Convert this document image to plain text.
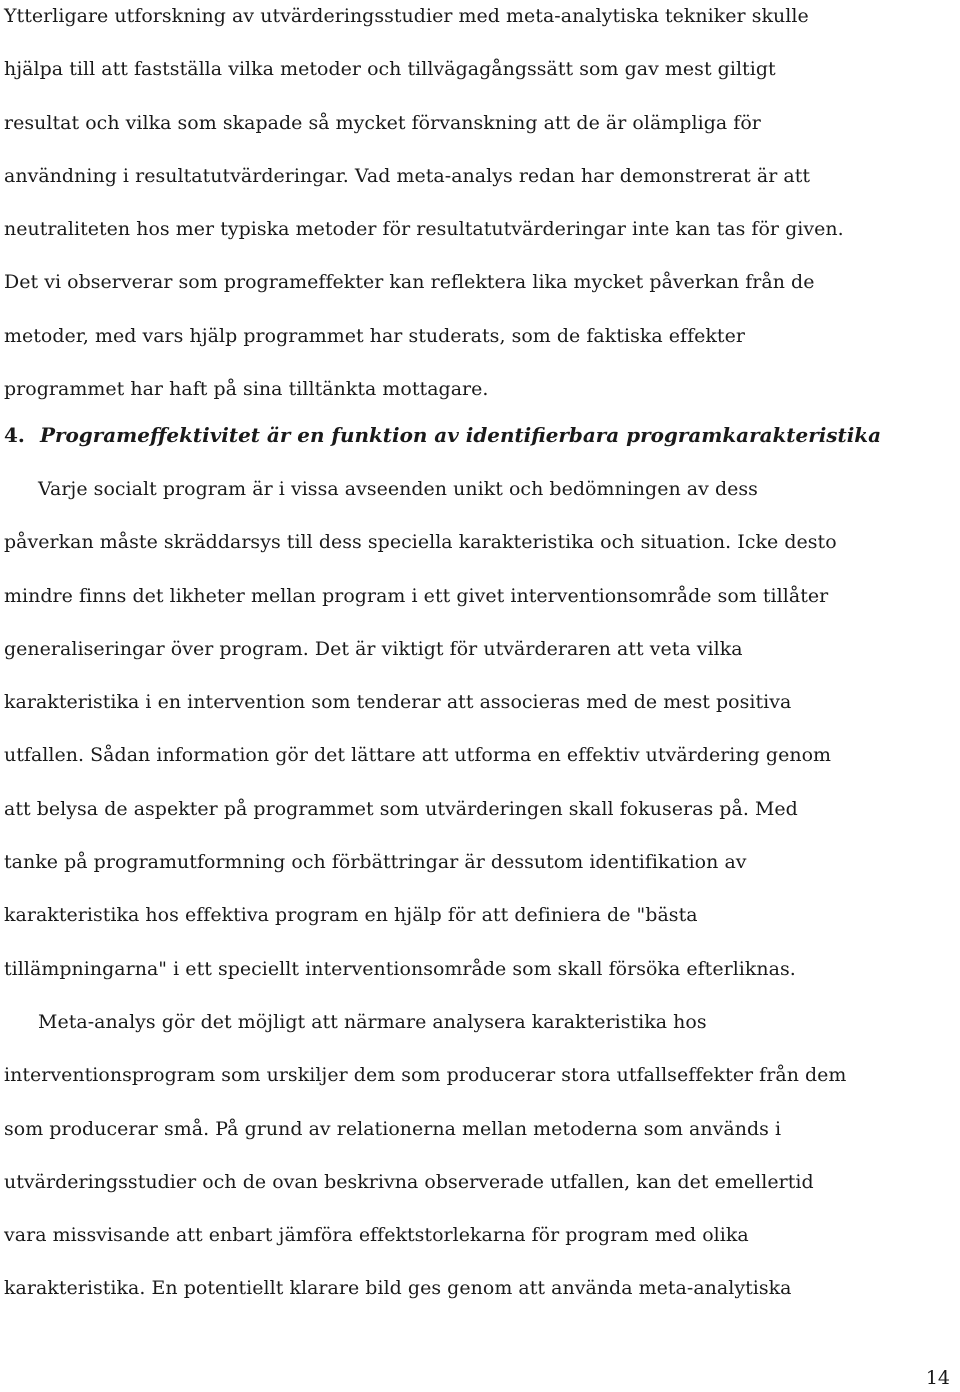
Ytterligare utforskning av utvärderingsstudier med meta-analytiska tekniker skulle
hjälpa till att fastställa vilka metoder och tillvägagångssätt som gav mest giltigt
resultat och vilka som skapade så mycket förvanskning att de är olämpliga för
användning i resultatutvärderingar. Vad meta-analys redan har demonstrerat är att
neutraliteten hos mer typiska metoder för resultatutvärderingar inte kan tas för given.
Det vi observerar som programeffekter kan reflektera lika mycket påverkan från de
metoder, med vars hjälp programmet har studerats, som de faktiska effekter
programmet har haft på sina tilltänkta mottagare.
4. Programeffektivitet är en funktion av identifierbara programkarakteristika
Varje socialt program är i vissa avseenden unikt och bedömningen av dess
påverkan måste skräddarsys till dess speciella karakteristika och situation. Icke desto
mindre finns det likheter mellan program i ett givet interventionsområde som tillåter
generaliseringar över program. Det är viktigt för utvärderaren att veta vilka
karakteristika i en intervention som tenderar att associeras med de mest positiva
utfallen. Sådan information gör det lättare att utforma en effektiv utvärdering genom
att belysa de aspekter på programmet som utvärderingen skall fokuseras på. Med
tanke på programutformning och förbättringar är dessutom identifikation av
karakteristika hos effektiva program en hjälp för att definiera de "bästa
tillämpningarna" i ett speciellt interventionsområde som skall försöka efterliknas.
Meta-analys gör det möjligt att närmare analysera karakteristika hos
interventionsprogram som urskiljer dem som producerar stora utfallseffekter från dem
som producerar små. På grund av relationerna mellan metoderna som används i
utvärderingsstudier och de ovan beskrivna observerade utfallen, kan det emellertid
vara missvisande att enbart jämföra effektstorlekarna för program med olika
karakteristika. En potentiellt klarare bild ges genom att använda meta-analytiska
14
